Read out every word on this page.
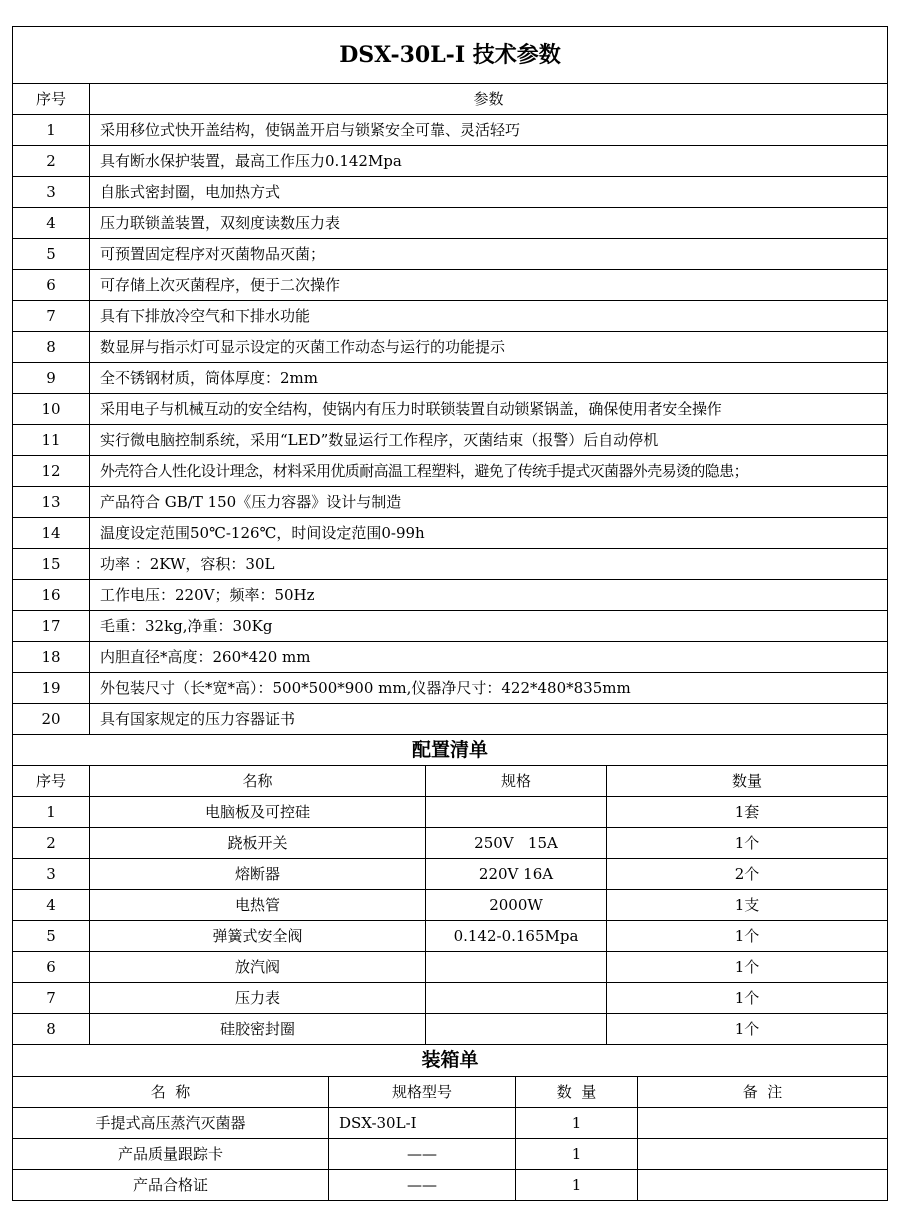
DSX-30L-I 技术参数	
序号	参数
1	采用移位式快开盖结构，使锅盖开启与锁紧安全可靠、灵活轻巧
2	具有断水保护装置，最高工作压力0.142Mpa
3	自胀式密封圈，电加热方式
4	压力联锁盖装置，双刻度读数压力表
5	可预置固定程序对灭菌物品灭菌；
6	可存储上次灭菌程序，便于二次操作
7	具有下排放冷空气和下排水功能
8	数显屏与指示灯可显示设定的灭菌工作动态与运行的功能提示
9	全不锈钢材质，筒体厚度：2mm
10	采用电子与机械互动的安全结构，使锅内有压力时联锁装置自动锁紧锅盖，确保使用者安全操作
11	实行微电脑控制系统，采用“LED”数显运行工作程序，灭菌结束（报警）后自动停机
12	外壳符合人性化设计理念，材料采用优质耐高温工程塑料，避免了传统手提式灭菌器外壳易烫的隐患；
13	产品符合 GB/T 150《压力容器》设计与制造
14	温度设定范围50℃-126℃，时间设定范围0-99h
15	功率 ：2KW，容积：30L
16	工作电压：220V；频率：50Hz
17	毛重：32kg,净重：30Kg
18	内胆直径*高度：260*420 mm
19	外包装尺寸（长*宽*高）：500*500*900 mm,仪器净尺寸：422*480*835mm
20	具有国家规定的压力容器证书
配置清单			
序号	名称	规格	数量
1	电脑板及可控硅		1套
2	跷板开关	250V   15A	1个
3	熔断器	220V 16A	2个
4	电热管	2000W	1支
5	弹簧式安全阀	0.142-0.165Mpa	1个
6	放汽阀		1个
7	压力表		1个
8	硅胶密封圈		1个
装箱单			
名  称	规格型号	数  量	备  注
手提式高压蒸汽灭菌器	DSX-30L-I	1	
产品质量跟踪卡	——	1	
产品合格证	——	1	
